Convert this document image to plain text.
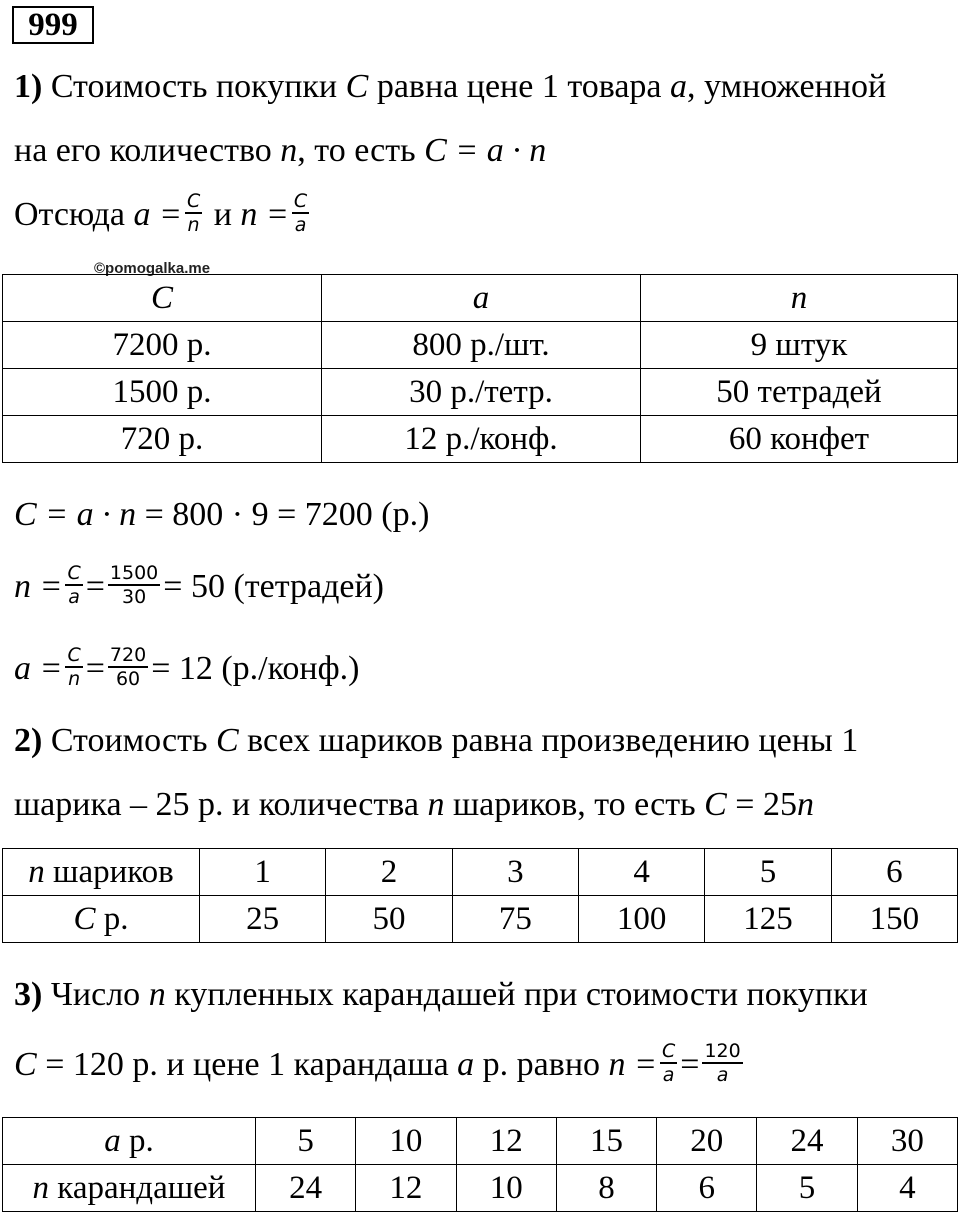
999
1) Стоимость покупки C равна цене 1 товара a, умноженной
на его количество n, то есть C = a · n
Отсюда $a = \frac{C}{n}$ и $n = \frac{C}{a}$
©pomogalka.me
C	a	n
7200 р.	800 р./шт.	9 штук
1500 р.	30 р./тетр.	50 тетрадей
720 р.	12 р./конф.	60 конфет
C = a · n = 800 · 9 = 7200 (р.)
$n = \frac{C}{a} = \frac{1500}{30} = 50$ (тетрадей)
$a = \frac{C}{n} = \frac{720}{60} = 12$ (р./конф.)
2) Стоимость C всех шариков равна произведению цены 1
шарика – 25 р. и количества n шариков, то есть C = 25n
n шариков	1	2	3	4	5	6
C р.	25	50	75	100	125	150
3) Число n купленных карандашей при стоимости покупки
C = 120 р. и цене 1 карандаша a р. равно $n = \frac{C}{a} = \frac{120}{a}$
a р.	5	10	12	15	20	24	30
n карандашей	24	12	10	8	6	5	4
